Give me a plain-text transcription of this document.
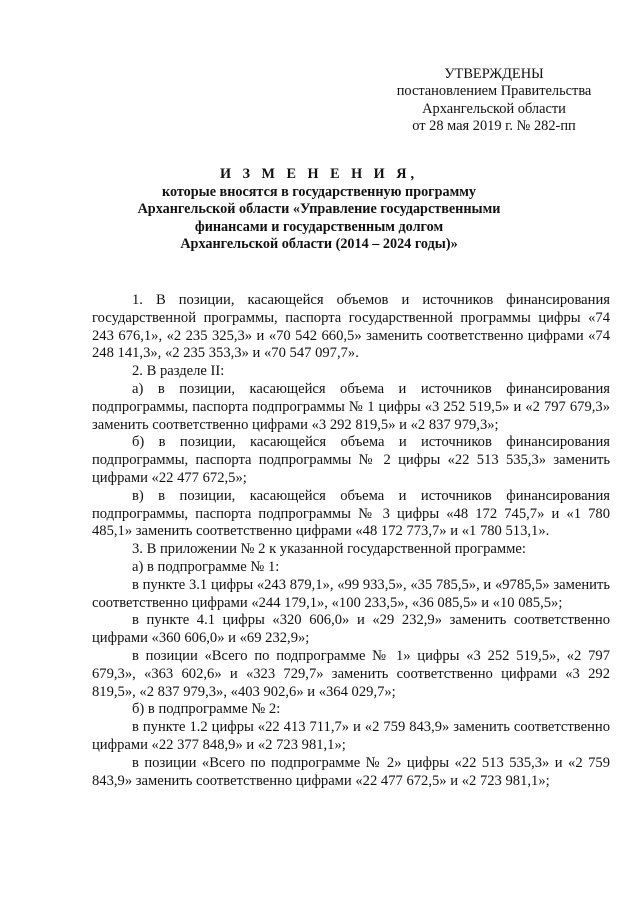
УТВЕРЖДЕНЫ
постановлением Правительства
Архангельской области
от 28 мая 2019 г. № 282-пп
И З М Е Н Е Н И Я,
которые вносятся в государственную программу
Архангельской области «Управление государственными
финансами и государственным долгом
Архангельской области (2014 – 2024 годы)»

1. В позиции, касающейся объемов и источников финансирования государственной программы, паспорта государственной программы цифры «74 243 676,1», «2 235 325,3» и «70 542 660,5» заменить соответственно цифрами «74 248 141,3», «2 235 353,3» и «70 547 097,7».

2. В разделе II:

а) в позиции, касающейся объема и источников финансирования подпрограммы, паспорта подпрограммы № 1 цифры «3 252 519,5» и «2 797 679,3» заменить соответственно цифрами «3 292 819,5» и «2 837 979,3»;

б) в позиции, касающейся объема и источников финансирования подпрограммы, паспорта подпрограммы № 2 цифры «22 513 535,3» заменить цифрами «22 477 672,5»;

в) в позиции, касающейся объема и источников финансирования подпрограммы, паспорта подпрограммы № 3 цифры «48 172 745,7» и «1 780 485,1» заменить соответственно цифрами «48 172 773,7» и «1 780 513,1».

3. В приложении № 2 к указанной государственной программе:

а) в подпрограмме № 1:

в пункте 3.1 цифры «243 879,1», «99 933,5», «35 785,5», и «9785,5» заменить соответственно цифрами «244 179,1», «100 233,5», «36 085,5» и «10 085,5»;

в пункте 4.1 цифры «320 606,0» и «29 232,9» заменить соответственно цифрами «360 606,0» и «69 232,9»;

в позиции «Всего по подпрограмме № 1» цифры «3 252 519,5», «2 797 679,3», «363 602,6» и «323 729,7» заменить соответственно цифрами «3 292 819,5», «2 837 979,3», «403 902,6» и «364 029,7»;

б) в подпрограмме № 2:

в пункте 1.2 цифры «22 413 711,7» и «2 759 843,9» заменить соответственно цифрами «22 377 848,9» и «2 723 981,1»;

в позиции «Всего по подпрограмме № 2» цифры «22 513 535,3» и «2 759 843,9» заменить соответственно цифрами «22 477 672,5» и «2 723 981,1»;
